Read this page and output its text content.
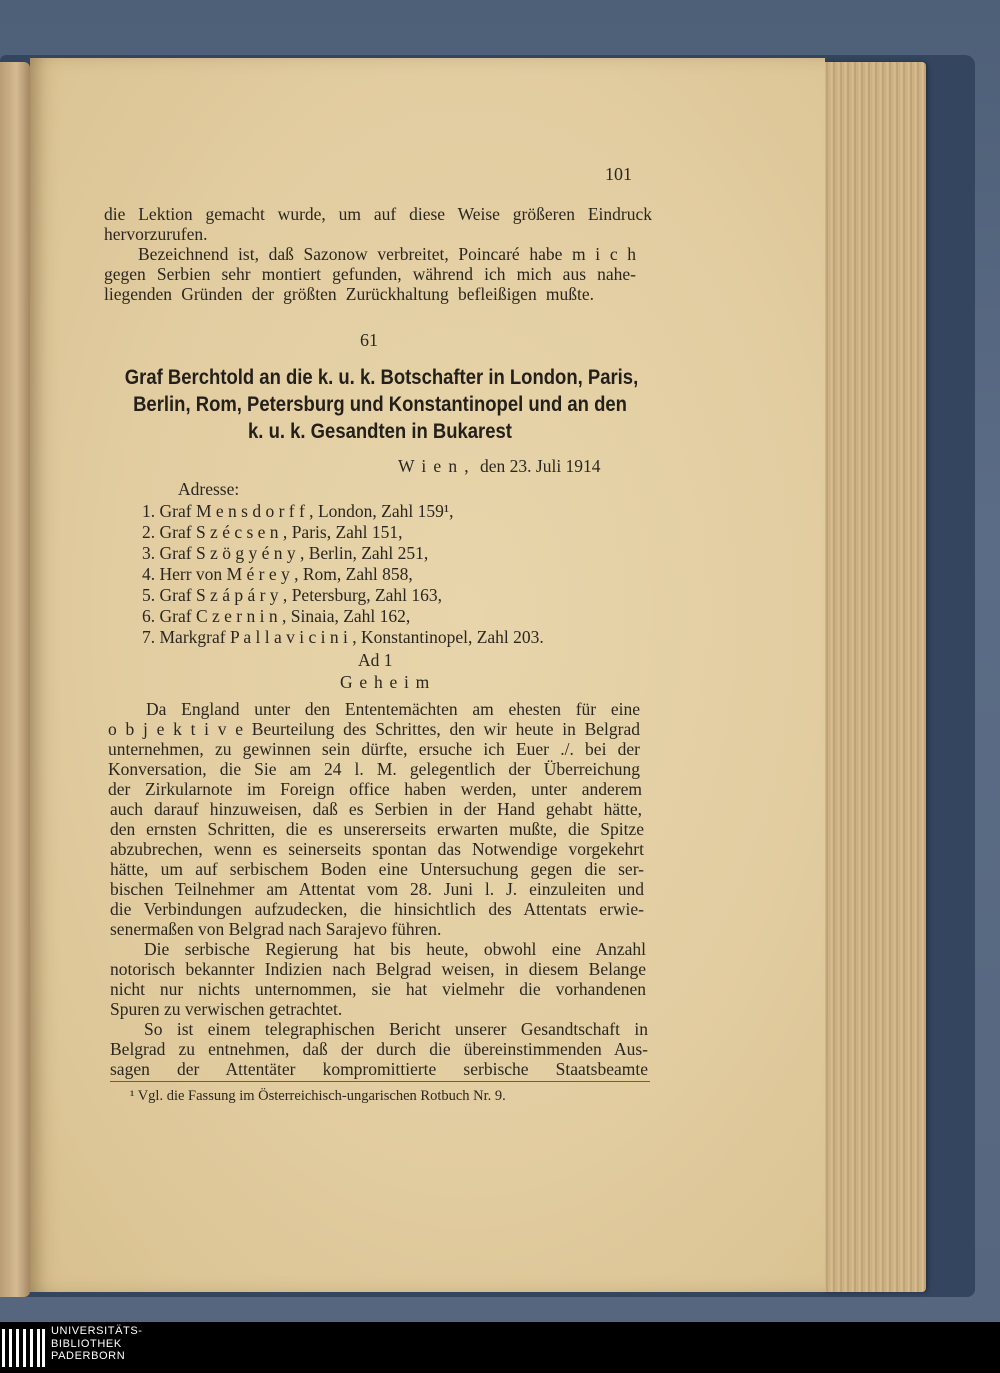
101
die Lektion gemacht wurde, um auf diese Weise größeren Eindruck
hervorzurufen.
Bezeichnend ist, daß Sazonow verbreitet, Poincaré habe m i c h
gegen Serbien sehr montiert gefunden, während ich mich aus nahe-
liegenden Gründen der größten Zurückhaltung befleißigen mußte.
61
Graf Berchtold an die k. u. k. Botschafter in London, Paris,
Berlin, Rom, Petersburg und Konstantinopel und an den
k. u. k. Gesandten in Bukarest
W i e n , den 23. Juli 1914
Adresse:
1. Graf M e n s d o r f f , London, Zahl 159¹,
2. Graf S z é c s e n , Paris, Zahl 151,
3. Graf S z ö g y é n y , Berlin, Zahl 251,
4. Herr von M é r e y , Rom, Zahl 858,
5. Graf S z á p á r y , Petersburg, Zahl 163,
6. Graf C z e r n i n , Sinaia, Zahl 162,
7. Markgraf P a l l a v i c i n i , Konstantinopel, Zahl 203.
Ad 1
G e h e i m
Da England unter den Ententemächten am ehesten für eine
o b j e k t i v e Beurteilung des Schrittes, den wir heute in Belgrad
unternehmen, zu gewinnen sein dürfte, ersuche ich Euer ./. bei der
Konversation, die Sie am 24 l. M. gelegentlich der Überreichung
der Zirkularnote im Foreign office haben werden, unter anderem
auch darauf hinzuweisen, daß es Serbien in der Hand gehabt hätte,
den ernsten Schritten, die es unsererseits erwarten mußte, die Spitze
abzubrechen, wenn es seinerseits spontan das Notwendige vorgekehrt
hätte, um auf serbischem Boden eine Untersuchung gegen die ser-
bischen Teilnehmer am Attentat vom 28. Juni l. J. einzuleiten und
die Verbindungen aufzudecken, die hinsichtlich des Attentats erwie-
senermaßen von Belgrad nach Sarajevo führen.
Die serbische Regierung hat bis heute, obwohl eine Anzahl
notorisch bekannter Indizien nach Belgrad weisen, in diesem Belange
nicht nur nichts unternommen, sie hat vielmehr die vorhandenen
Spuren zu verwischen getrachtet.
So ist einem telegraphischen Bericht unserer Gesandtschaft in
Belgrad zu entnehmen, daß der durch die übereinstimmenden Aus-
sagen der Attentäter kompromittierte serbische Staatsbeamte
¹ Vgl. die Fassung im Österreichisch-ungarischen Rotbuch Nr. 9.
UNIVERSITÄTS-
BIBLIOTHEK
PADERBORN
